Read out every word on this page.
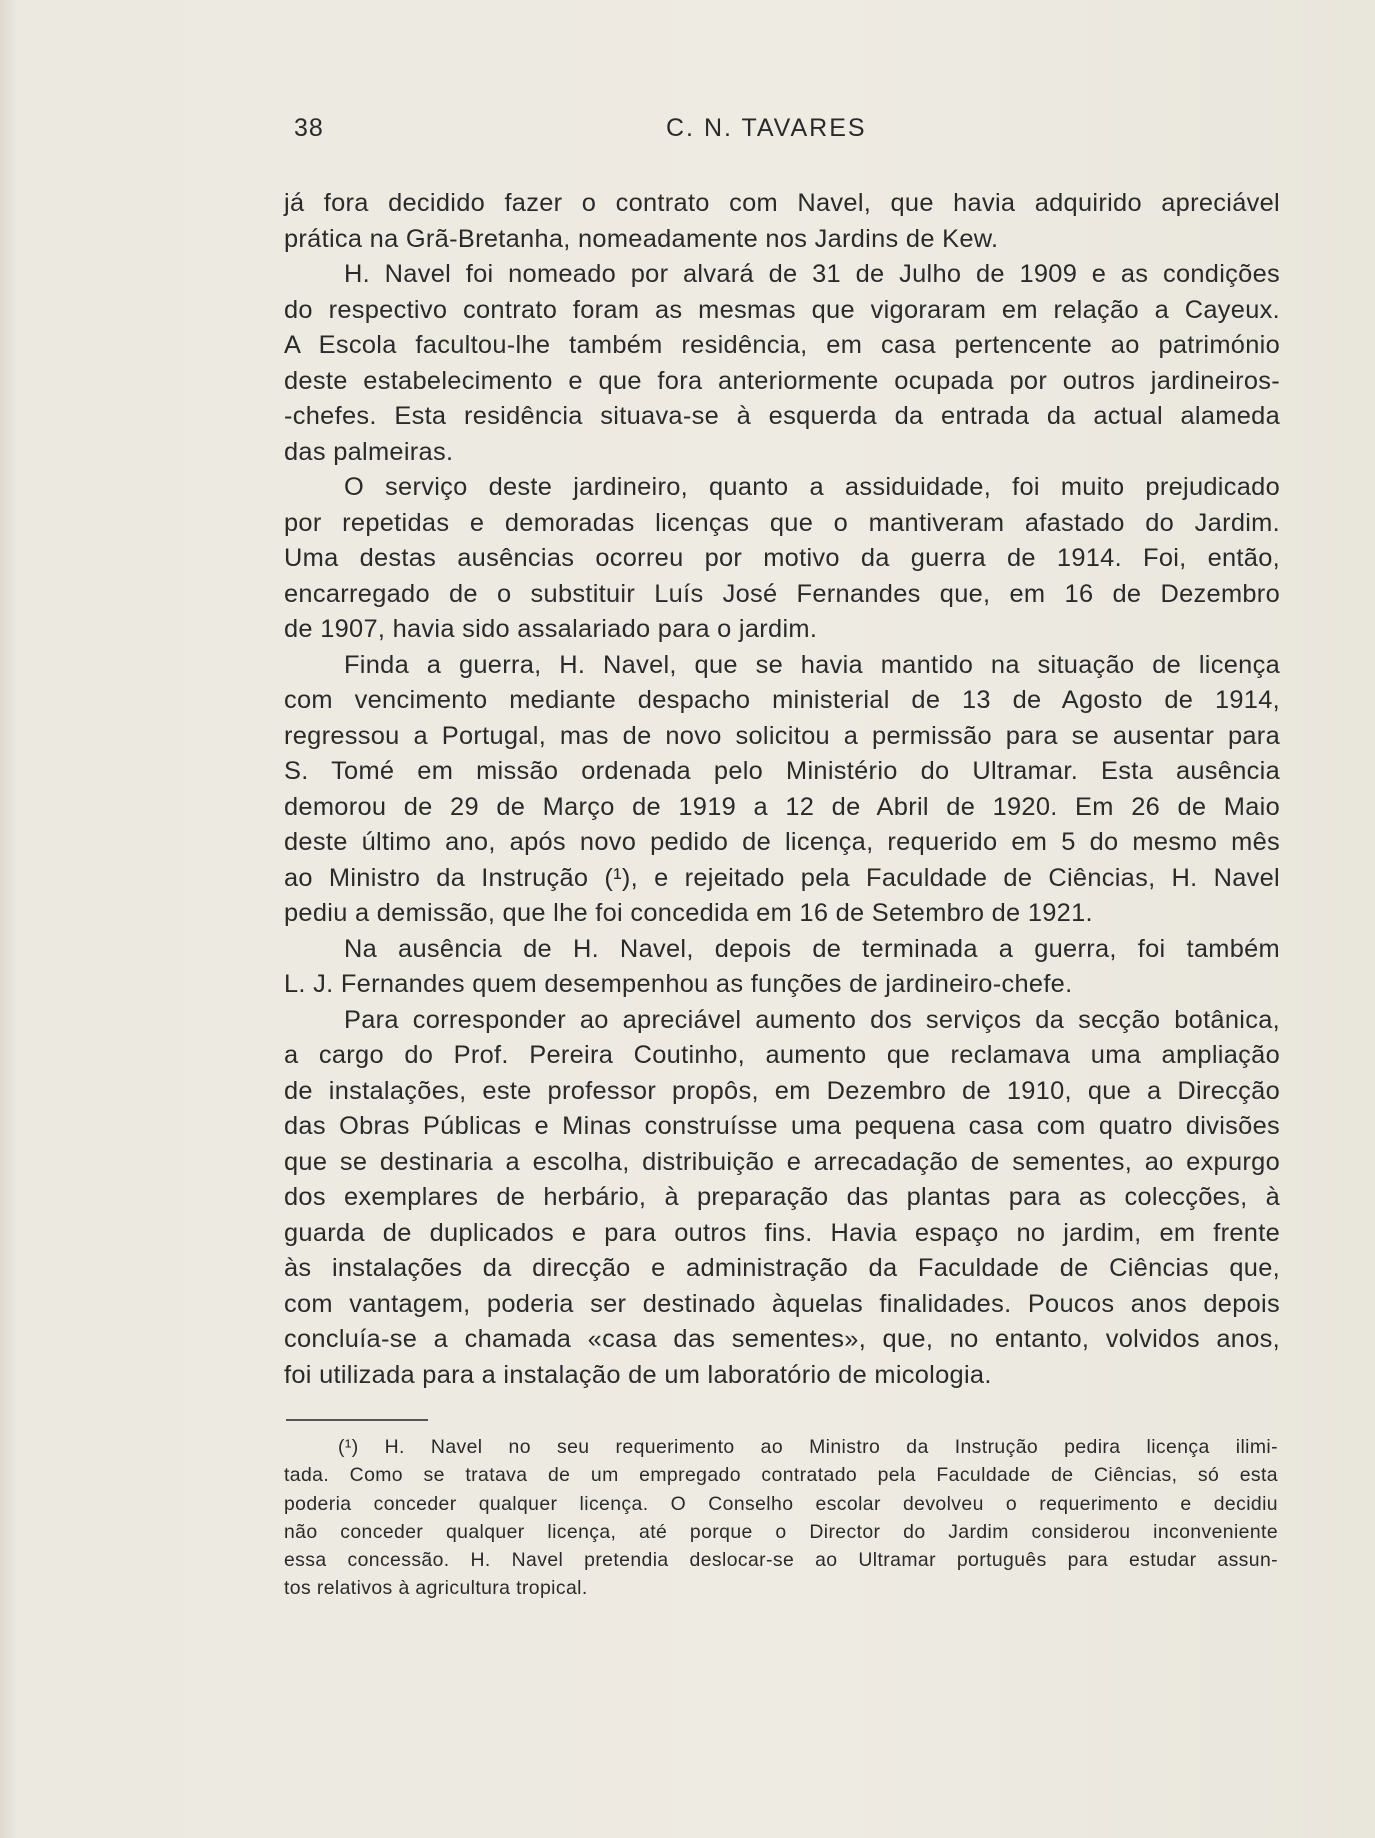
38	C. N. TAVARES
já fora decidido fazer o contrato com Navel, que havia adquirido apreciável
prática na Grã-Bretanha, nomeadamente nos Jardins de Kew.
H. Navel foi nomeado por alvará de 31 de Julho de 1909 e as condições
do respectivo contrato foram as mesmas que vigoraram em relação a Cayeux.
A Escola facultou-lhe também residência, em casa pertencente ao património
deste estabelecimento e que fora anteriormente ocupada por outros jardineiros-
-chefes. Esta residência situava-se à esquerda da entrada da actual alameda
das palmeiras.
O serviço deste jardineiro, quanto a assiduidade, foi muito prejudicado
por repetidas e demoradas licenças que o mantiveram afastado do Jardim.
Uma destas ausências ocorreu por motivo da guerra de 1914. Foi, então,
encarregado de o substituir Luís José Fernandes que, em 16 de Dezembro
de 1907, havia sido assalariado para o jardim.
Finda a guerra, H. Navel, que se havia mantido na situação de licença
com vencimento mediante despacho ministerial de 13 de Agosto de 1914,
regressou a Portugal, mas de novo solicitou a permissão para se ausentar para
S. Tomé em missão ordenada pelo Ministério do Ultramar. Esta ausência
demorou de 29 de Março de 1919 a 12 de Abril de 1920. Em 26 de Maio
deste último ano, após novo pedido de licença, requerido em 5 do mesmo mês
ao Ministro da Instrução (¹), e rejeitado pela Faculdade de Ciências, H. Navel
pediu a demissão, que lhe foi concedida em 16 de Setembro de 1921.
Na ausência de H. Navel, depois de terminada a guerra, foi também
L. J. Fernandes quem desempenhou as funções de jardineiro-chefe.
Para corresponder ao apreciável aumento dos serviços da secção botânica,
a cargo do Prof. Pereira Coutinho, aumento que reclamava uma ampliação
de instalações, este professor propôs, em Dezembro de 1910, que a Direcção
das Obras Públicas e Minas construísse uma pequena casa com quatro divisões
que se destinaria a escolha, distribuição e arrecadação de sementes, ao expurgo
dos exemplares de herbário, à preparação das plantas para as colecções, à
guarda de duplicados e para outros fins. Havia espaço no jardim, em frente
às instalações da direcção e administração da Faculdade de Ciências que,
com vantagem, poderia ser destinado àquelas finalidades. Poucos anos depois
concluía-se a chamada «casa das sementes», que, no entanto, volvidos anos,
foi utilizada para a instalação de um laboratório de micologia.
(¹) H. Navel no seu requerimento ao Ministro da Instrução pedira licença ilimi-
tada. Como se tratava de um empregado contratado pela Faculdade de Ciências, só esta
poderia conceder qualquer licença. O Conselho escolar devolveu o requerimento e decidiu
não conceder qualquer licença, até porque o Director do Jardim considerou inconveniente
essa concessão. H. Navel pretendia deslocar-se ao Ultramar português para estudar assun-
tos relativos à agricultura tropical.
